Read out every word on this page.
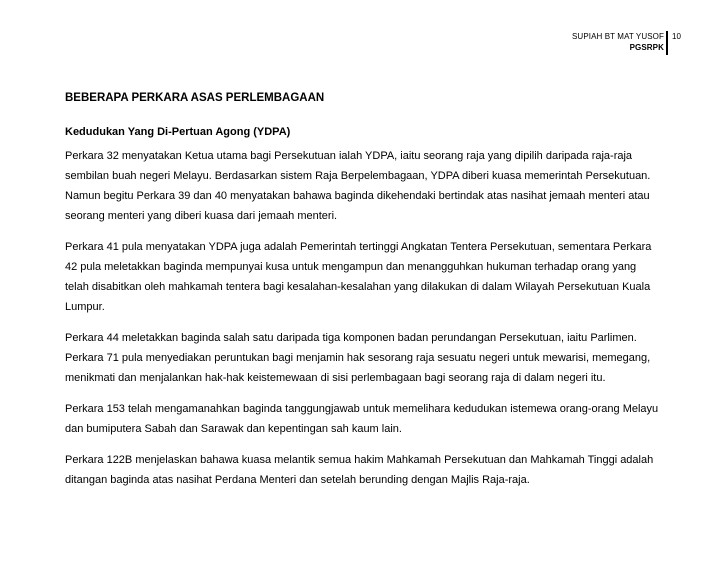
SUPIAH BT MAT YUSOF
PGSRPK
10
BEBERAPA PERKARA ASAS PERLEMBAGAAN
Kedudukan Yang Di-Pertuan Agong (YDPA)
Perkara 32 menyatakan Ketua utama bagi Persekutuan ialah YDPA, iaitu seorang raja yang dipilih daripada raja-raja
sembilan buah negeri Melayu. Berdasarkan sistem Raja Berpelembagaan, YDPA diberi kuasa memerintah Persekutuan.
Namun begitu Perkara 39 dan 40 menyatakan bahawa baginda dikehendaki bertindak atas nasihat jemaah menteri atau
seorang menteri yang diberi kuasa dari jemaah menteri.
Perkara 41 pula menyatakan YDPA juga adalah Pemerintah tertinggi Angkatan Tentera Persekutuan, sementara Perkara
42 pula meletakkan baginda mempunyai kusa untuk mengampun dan menangguhkan hukuman terhadap orang yang
telah disabitkan oleh mahkamah tentera bagi kesalahan-kesalahan yang dilakukan di dalam Wilayah Persekutuan Kuala
Lumpur.
Perkara 44 meletakkan baginda salah satu daripada tiga komponen badan perundangan Persekutuan, iaitu Parlimen.
Perkara 71 pula menyediakan peruntukan bagi menjamin hak sesorang raja sesuatu negeri untuk mewarisi, memegang,
menikmati dan menjalankan hak-hak keistemewaan di sisi perlembagaan bagi seorang raja di dalam negeri itu.
Perkara 153 telah mengamanahkan baginda tanggungjawab untuk memelihara kedudukan istemewa orang-orang Melayu
dan bumiputera Sabah dan Sarawak dan kepentingan sah kaum lain.
Perkara 122B menjelaskan bahawa kuasa melantik semua hakim Mahkamah Persekutuan dan Mahkamah Tinggi adalah
ditangan baginda atas nasihat Perdana Menteri dan setelah berunding dengan Majlis Raja-raja.
